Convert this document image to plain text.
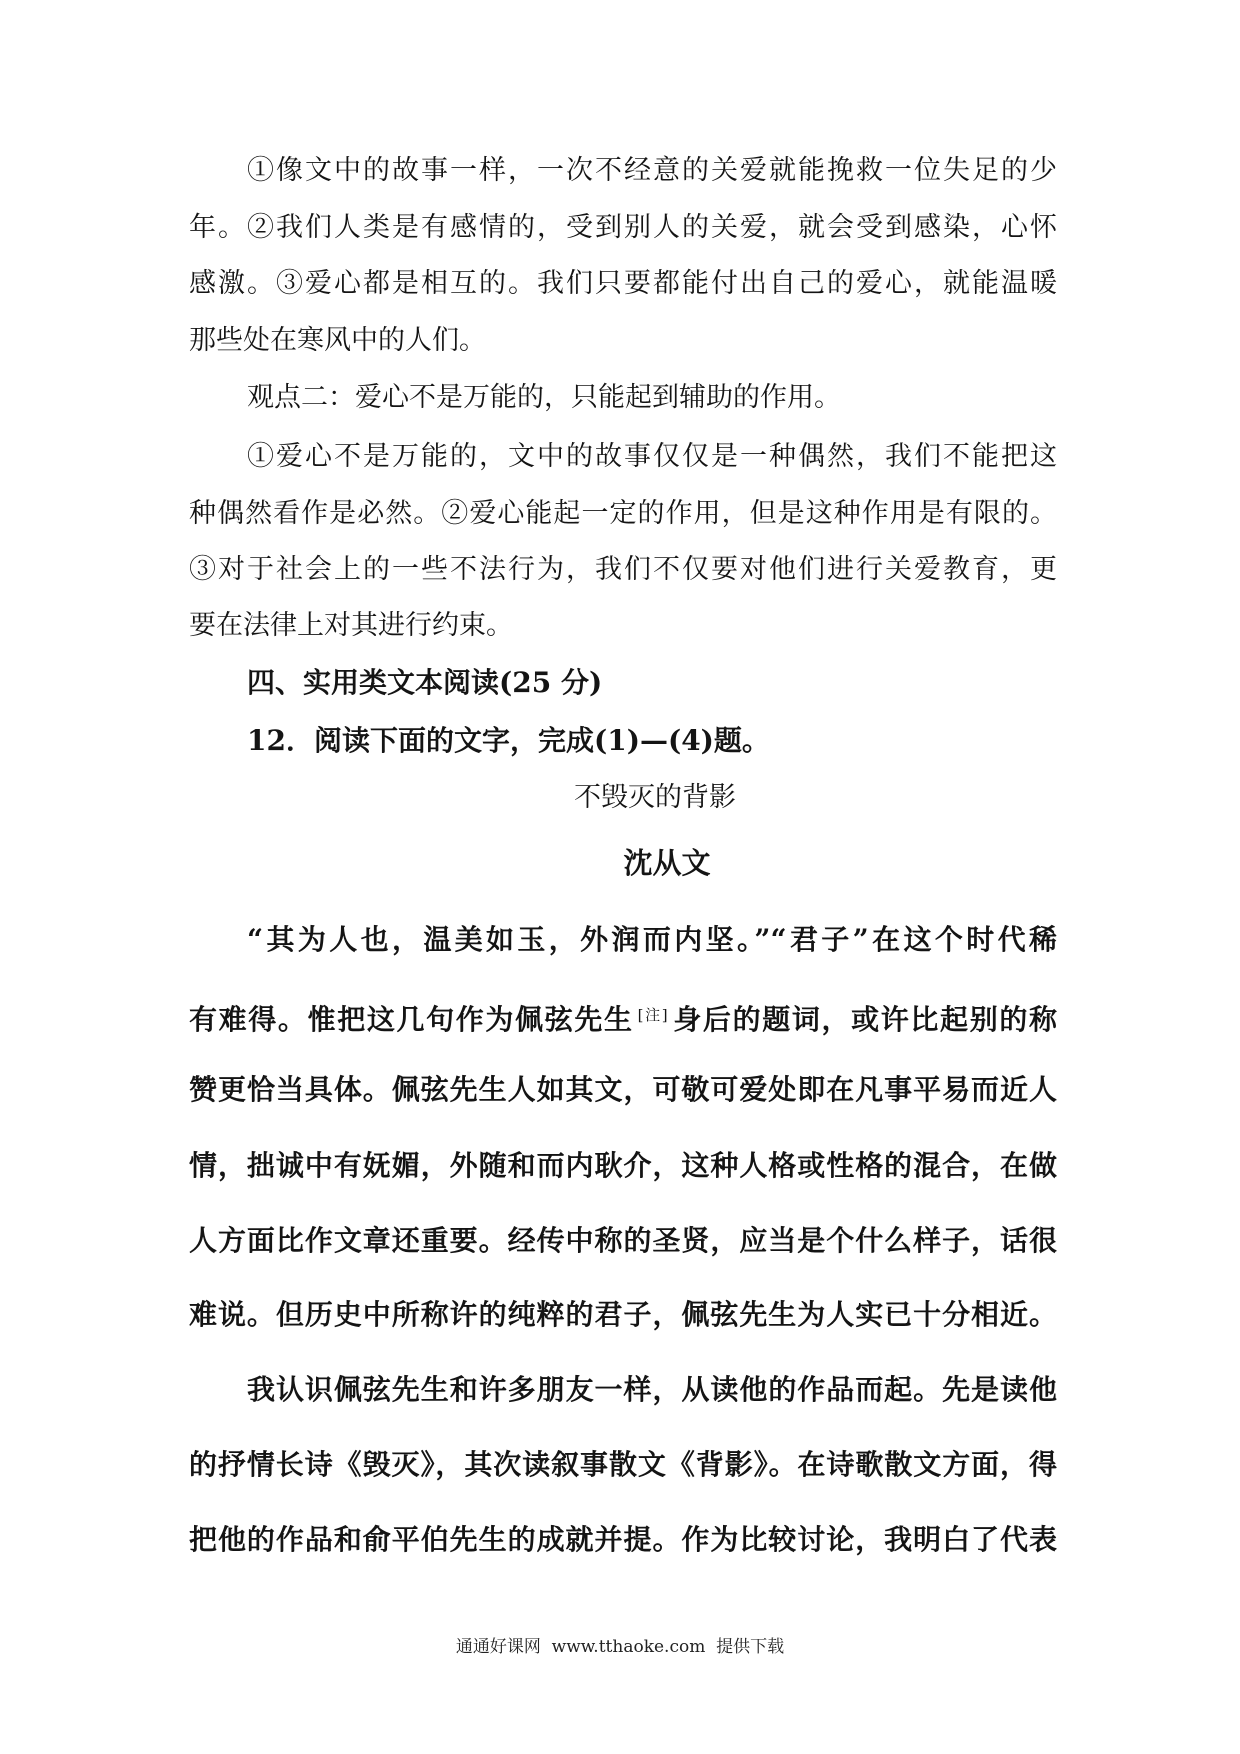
①像文中的故事一样，一次不经意的关爱就能挽救一位失足的少
年。②我们人类是有感情的，受到别人的关爱，就会受到感染，心怀
感激。③爱心都是相互的。我们只要都能付出自己的爱心，就能温暖
那些处在寒风中的人们。
观点二：爱心不是万能的，只能起到辅助的作用。
①爱心不是万能的，文中的故事仅仅是一种偶然，我们不能把这
种偶然看作是必然。②爱心能起一定的作用，但是这种作用是有限的。
③对于社会上的一些不法行为，我们不仅要对他们进行关爱教育，更
要在法律上对其进行约束。
四、实用类文本阅读(25 分)
12．阅读下面的文字，完成(1)—(4)题。
不毁灭的背影
沈从文
“其为人也，温美如玉，外润而内坚。”“君子”在这个时代稀
有难得。惟把这几句作为佩弦先生 [注] 身后的题词，或许比起别的称
赞更恰当具体。佩弦先生人如其文，可敬可爱处即在凡事平易而近人
情，拙诚中有妩媚，外随和而内耿介，这种人格或性格的混合，在做
人方面比作文章还重要。经传中称的圣贤，应当是个什么样子，话很
难说。但历史中所称许的纯粹的君子，佩弦先生为人实已十分相近。
我认识佩弦先生和许多朋友一样，从读他的作品而起。先是读他
的抒情长诗《毁灭》，其次读叙事散文《背影》。在诗歌散文方面，得
把他的作品和俞平伯先生的成就并提。作为比较讨论，我明白了代表
通通好课网  www.tthaoke.com  提供下载
